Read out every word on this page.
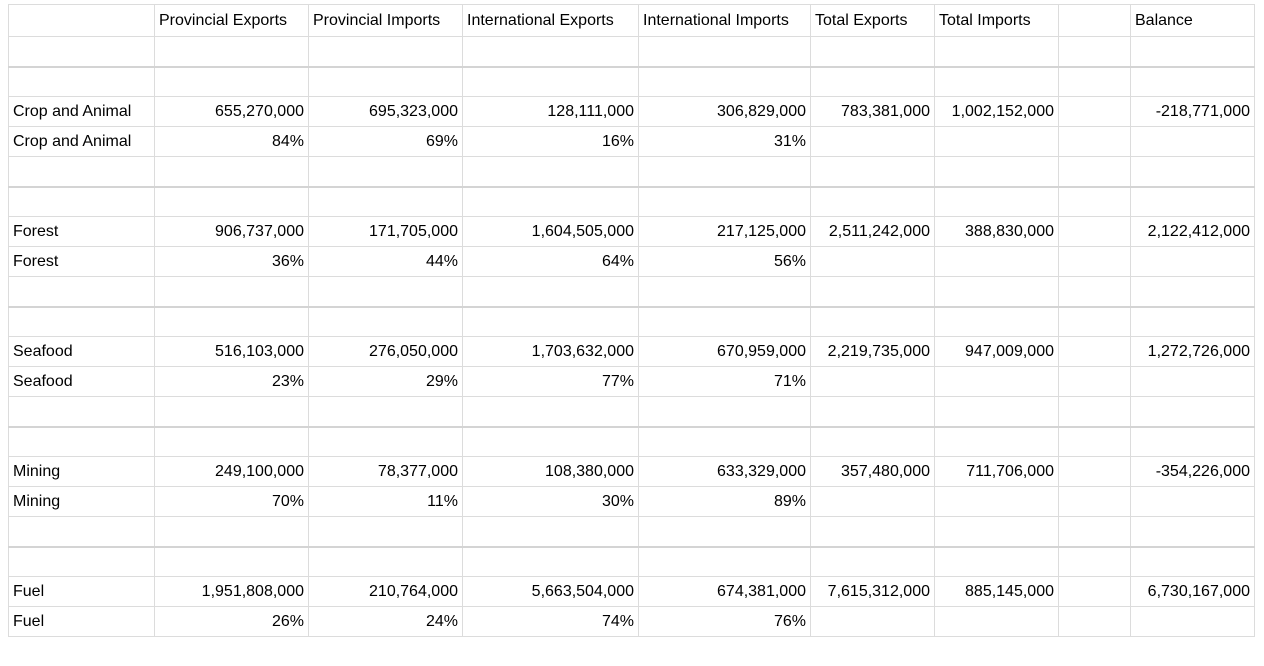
	Provincial Exports	Provincial Imports	International Exports	International Imports	Total Exports	Total Imports		Balance

Crop and Animal	655,270,000	695,323,000	128,111,000	306,829,000	783,381,000	1,002,152,000		-218,771,000
Crop and Animal	84%	69%	16%	31%				

Forest	906,737,000	171,705,000	1,604,505,000	217,125,000	2,511,242,000	388,830,000		2,122,412,000
Forest	36%	44%	64%	56%				

Seafood	516,103,000	276,050,000	1,703,632,000	670,959,000	2,219,735,000	947,009,000		1,272,726,000
Seafood	23%	29%	77%	71%				

Mining	249,100,000	78,377,000	108,380,000	633,329,000	357,480,000	711,706,000		-354,226,000
Mining	70%	11%	30%	89%				

Fuel	1,951,808,000	210,764,000	5,663,504,000	674,381,000	7,615,312,000	885,145,000		6,730,167,000
Fuel	26%	24%	74%	76%				
